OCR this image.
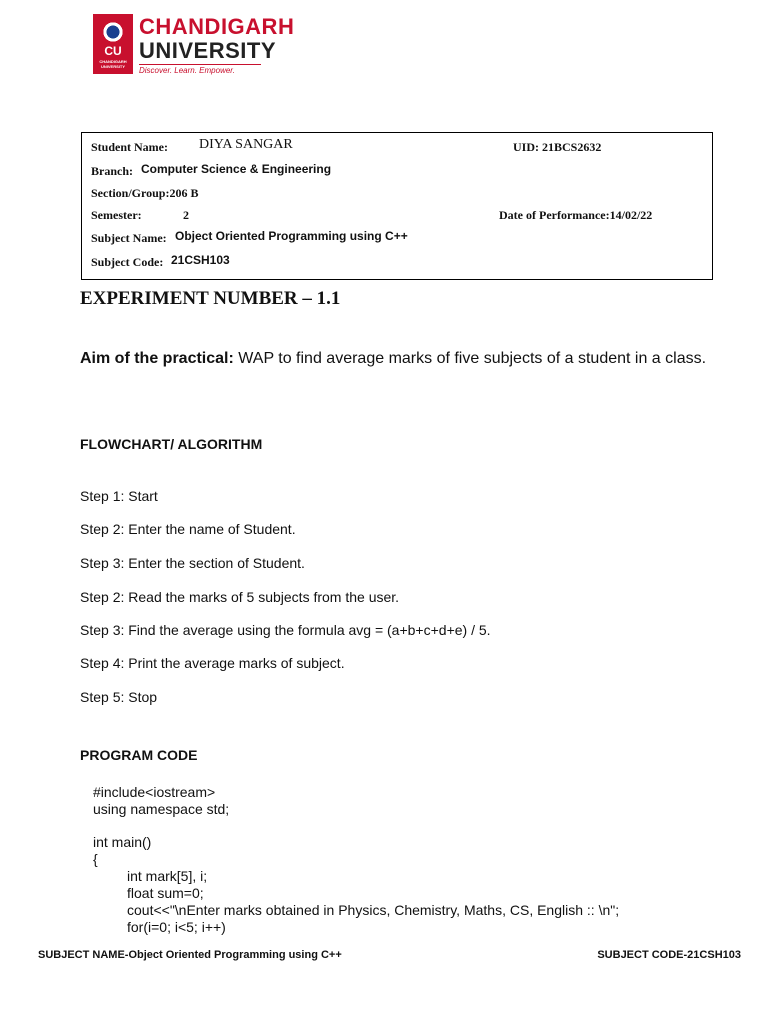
CU
CHANDIGARH UNIVERSITY
CHANDIGARH
UNIVERSITY
Discover. Learn. Empower.
Student Name: DIYA SANGAR	UID: 21BCS2632
Branch: Computer Science & Engineering
Section/Group:206 B
Semester:	2	Date of Performance:14/02/22
Subject Name: Object Oriented Programming using C++
Subject Code: 21CSH103
EXPERIMENT NUMBER – 1.1
Aim of the practical: WAP to find average marks of five subjects of a student in a class.
FLOWCHART/ ALGORITHM
Step 1: Start
Step 2: Enter the name of Student.
Step 3: Enter the section of Student.
Step 2: Read the marks of 5 subjects from the user.
Step 3: Find the average using the formula avg = (a+b+c+d+e) / 5.
Step 4: Print the average marks of subject.
Step 5: Stop
PROGRAM CODE
#include<iostream>
using namespace std;
int main()
{
int mark[5], i;
float sum=0;
cout<<"\nEnter marks obtained in Physics, Chemistry, Maths, CS, English :: \n";
for(i=0; i<5; i++)
SUBJECT NAME-Object Oriented Programming using C++	SUBJECT CODE-21CSH103
